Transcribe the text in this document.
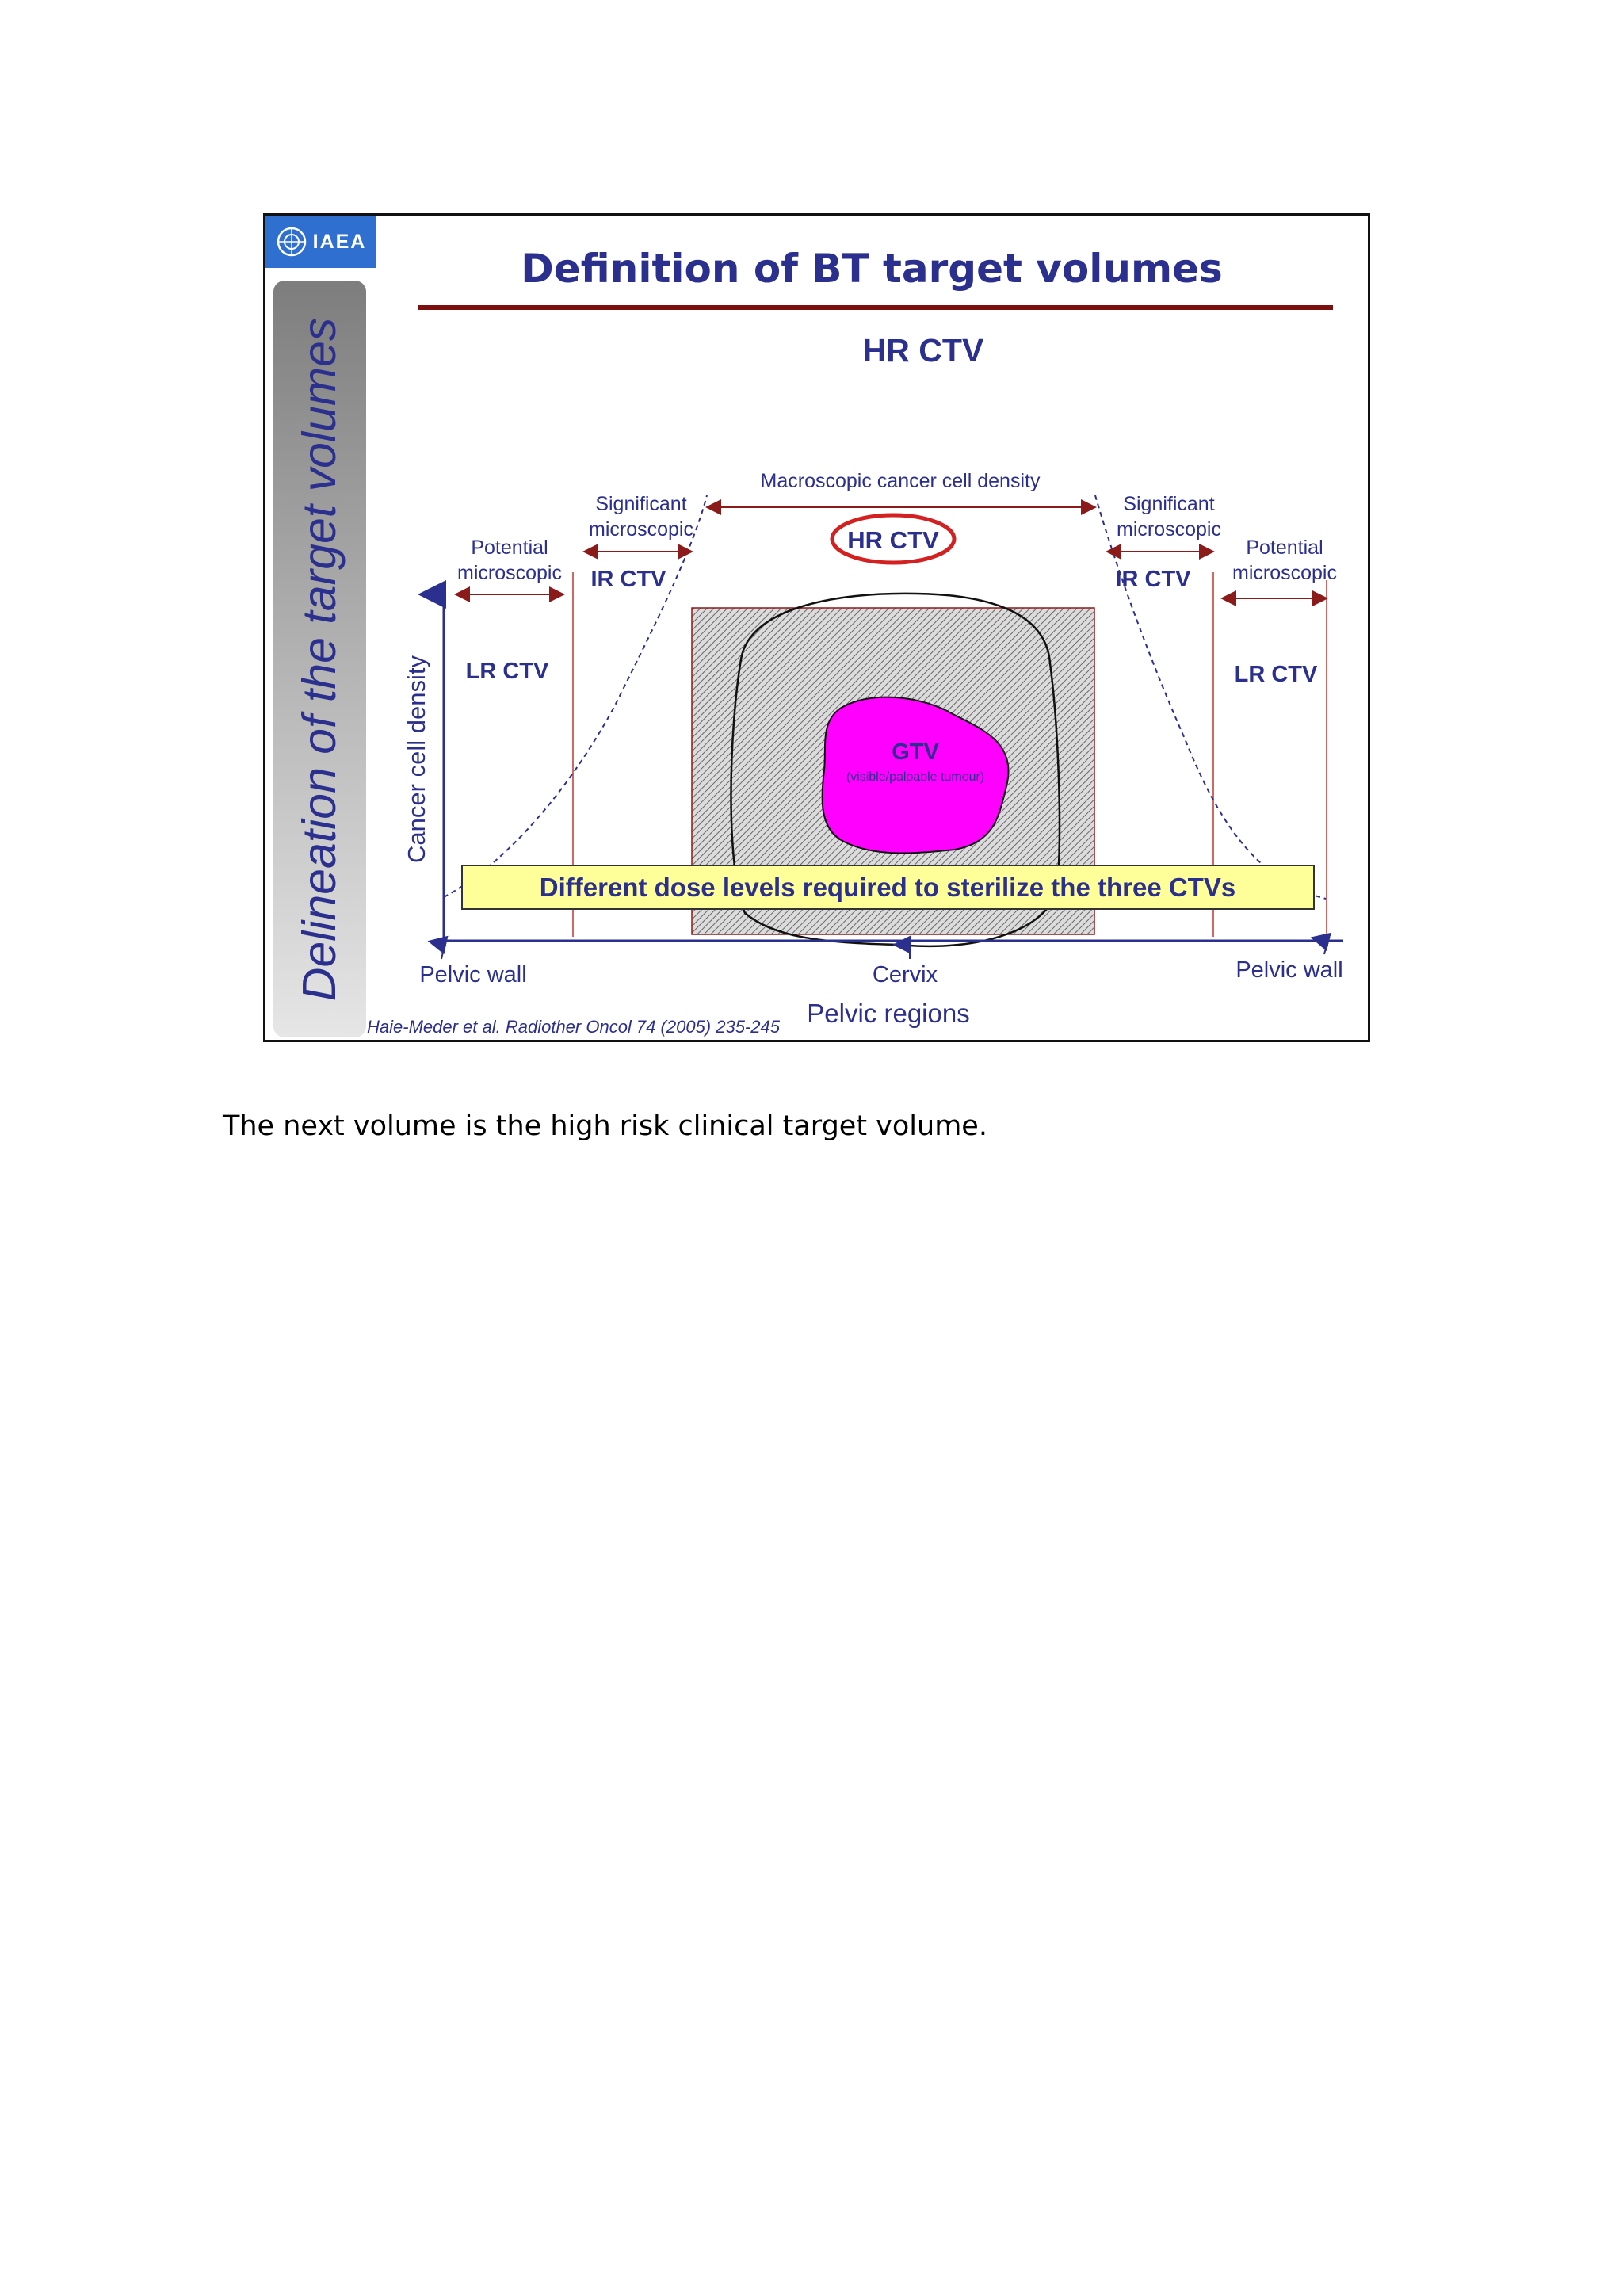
IAEA
Delineation of the target volumes
Definition of BT target volumes
HR CTV
Cancer cell density
Macroscopic cancer cell density
HR CTV
Significant
microscopic
Significant
microscopic
Potential
microscopic
Potential
microscopic
IR CTV	IR CTV
LR CTV	LR CTV
GTV
(visible/palpable tumour)
Different dose levels required to sterilize the three CTVs
Pelvic wall	Cervix	Pelvic wall
Pelvic regions
Haie-Meder et al. Radiother Oncol 74 (2005) 235-245
The next volume is the high risk clinical target volume.
